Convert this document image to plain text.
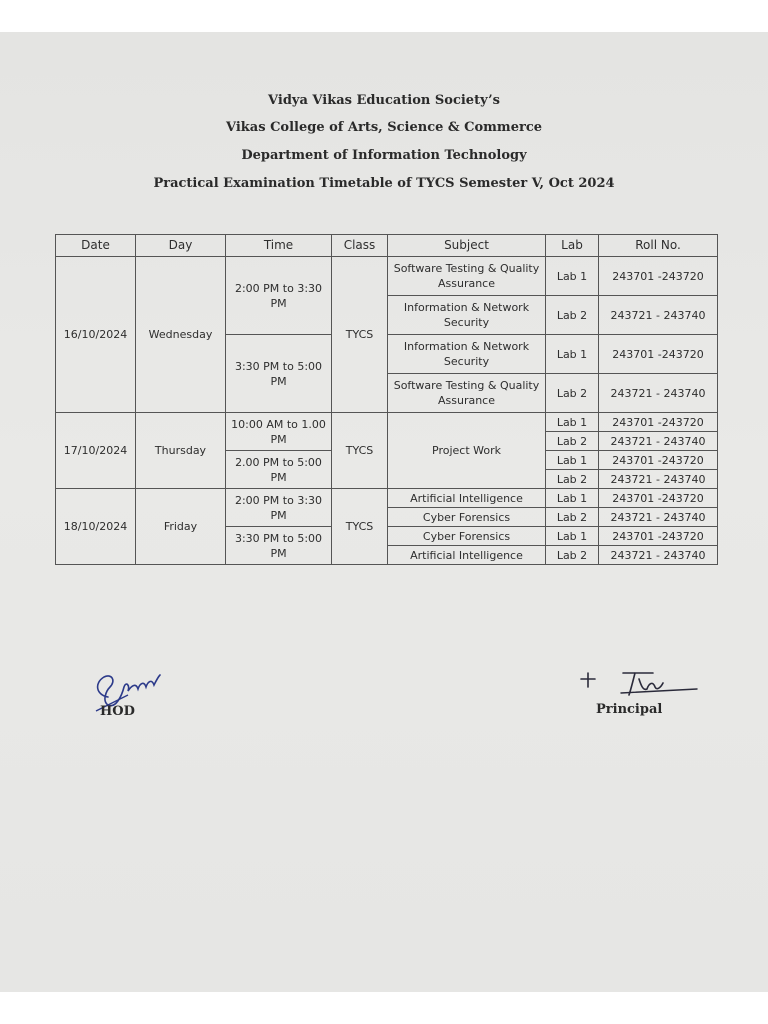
Vidya Vikas Education Society’s
Vikas College of Arts, Science & Commerce
Department of Information Technology
Practical Examination Timetable of TYCS Semester V, Oct 2024
Date	Day	Time	Class	Subject	Lab	Roll No.
16/10/2024	Wednesday	2:00 PM to 3:30 PM	TYCS	Software Testing & Quality Assurance	Lab 1	243701 -243720
				Information & Network Security	Lab 2	243721 - 243740
		3:30 PM to 5:00 PM		Information & Network Security	Lab 1	243701 -243720
				Software Testing & Quality Assurance	Lab 2	243721 - 243740
17/10/2024	Thursday	10:00 AM to 1.00 PM	TYCS	Project Work	Lab 1	243701 -243720
					Lab 2	243721 - 243740
		2.00 PM to 5:00 PM			Lab 1	243701 -243720
					Lab 2	243721 - 243740
18/10/2024	Friday	2:00 PM to 3:30 PM	TYCS	Artificial Intelligence	Lab 1	243701 -243720
				Cyber Forensics	Lab 2	243721 - 243740
		3:30 PM to 5:00 PM		Cyber Forensics	Lab 1	243701 -243720
				Artificial Intelligence	Lab 2	243721 - 243740
HOD	Principal
